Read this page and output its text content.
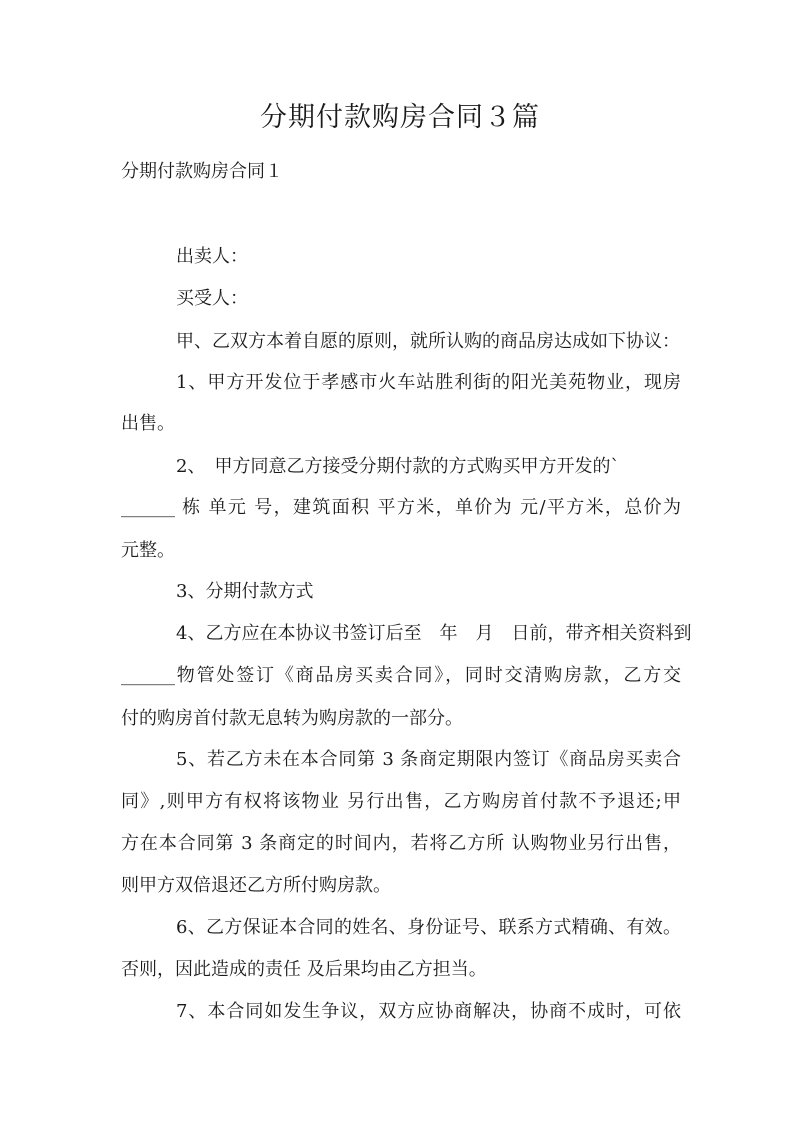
分期付款购房合同３篇
分期付款购房合同１
出卖人：
买受人：
甲、乙双方本着自愿的原则，就所认购的商品房达成如下协议：
1、甲方开发位于孝感市火车站胜利街的阳光美苑物业，现房
出售。
2、　甲方同意乙方接受分期付款的方式购买甲方开发的`
______ 栋 单元 号，建筑面积 平方米，单价为 元/平方米，总价为
元整。
3、分期付款方式
4、乙方应在本协议书签订后至　年　月　日前，带齐相关资料到
______物管处签订《商品房买卖合同》，同时交清购房款，乙方交
付的购房首付款无息转为购房款的一部分。
5、若乙方未在本合同第 3 条商定期限内签订《商品房买卖合
同》,则甲方有权将该物业 另行出售，乙方购房首付款不予退还;甲
方在本合同第 3 条商定的时间内，若将乙方所 认购物业另行出售，
则甲方双倍退还乙方所付购房款。
6、乙方保证本合同的姓名、身份证号、联系方式精确、有效。
否则，因此造成的责任 及后果均由乙方担当。
7、本合同如发生争议，双方应协商解决，协商不成时，可依
